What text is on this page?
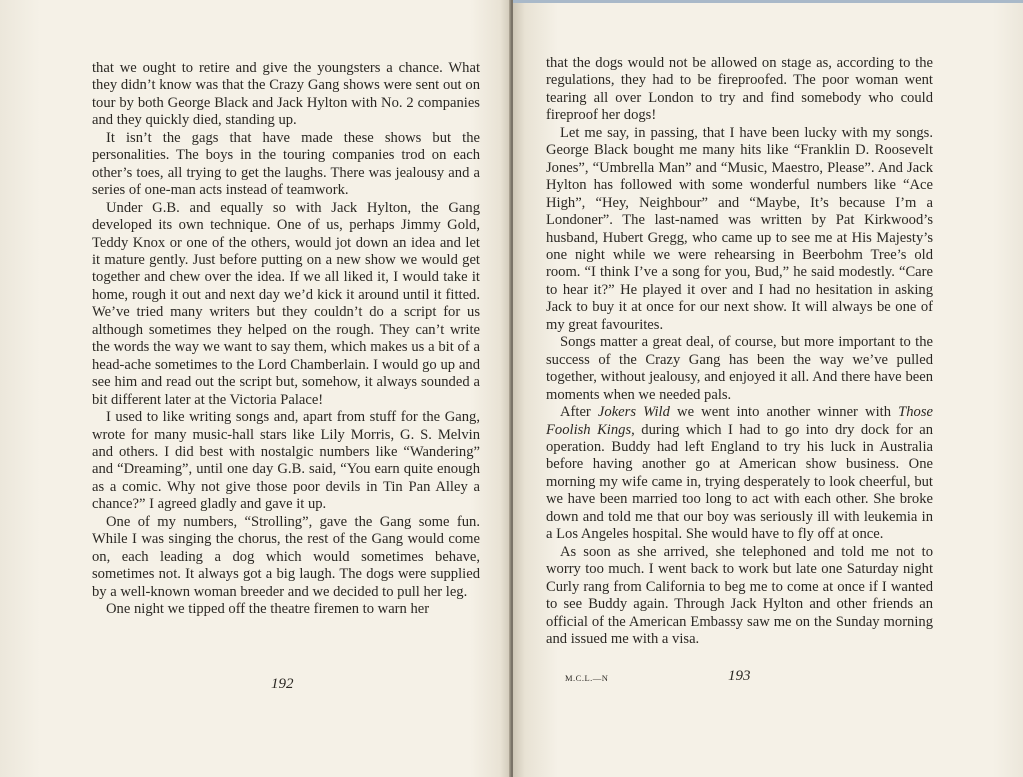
that we ought to retire and give the youngsters a chance. What they didn’t know was that the Crazy Gang shows were sent out on tour by both George Black and Jack Hylton with No. 2 companies and they quickly died, standing up.

It isn’t the gags that have made these shows but the personalities. The boys in the touring companies trod on each other’s toes, all trying to get the laughs. There was jealousy and a series of one-man acts instead of teamwork.

Under G.B. and equally so with Jack Hylton, the Gang developed its own technique. One of us, perhaps Jimmy Gold, Teddy Knox or one of the others, would jot down an idea and let it mature gently. Just before putting on a new show we would get together and chew over the idea. If we all liked it, I would take it home, rough it out and next day we’d kick it around until it fitted. We’ve tried many writers but they couldn’t do a script for us although sometimes they helped on the rough. They can’t write the words the way we want to say them, which makes us a bit of a head-ache sometimes to the Lord Chamberlain. I would go up and see him and read out the script but, somehow, it always sounded a bit different later at the Victoria Palace!

I used to like writing songs and, apart from stuff for the Gang, wrote for many music-hall stars like Lily Morris, G. S. Melvin and others. I did best with nostalgic numbers like “Wandering” and “Dreaming”, until one day G.B. said, “You earn quite enough as a comic. Why not give those poor devils in Tin Pan Alley a chance?” I agreed gladly and gave it up.

One of my numbers, “Strolling”, gave the Gang some fun. While I was singing the chorus, the rest of the Gang would come on, each leading a dog which would sometimes behave, sometimes not. It always got a big laugh. The dogs were supplied by a well-known woman breeder and we decided to pull her leg.

One night we tipped off the theatre firemen to warn her

192

that the dogs would not be allowed on stage as, according to the regulations, they had to be fireproofed. The poor woman went tearing all over London to try and find somebody who could fireproof her dogs!

Let me say, in passing, that I have been lucky with my songs. George Black bought me many hits like “Franklin D. Roosevelt Jones”, “Umbrella Man” and “Music, Maestro, Please”. And Jack Hylton has followed with some wonderful numbers like “Ace High”, “Hey, Neighbour” and “Maybe, It’s because I’m a Londoner”. The last-named was written by Pat Kirkwood’s husband, Hubert Gregg, who came up to see me at His Majesty’s one night while we were rehearsing in Beerbohm Tree’s old room. “I think I’ve a song for you, Bud,” he said modestly. “Care to hear it?” He played it over and I had no hesitation in asking Jack to buy it at once for our next show. It will always be one of my great favourites.

Songs matter a great deal, of course, but more important to the success of the Crazy Gang has been the way we’ve pulled together, without jealousy, and enjoyed it all. And there have been moments when we needed pals.

After Jokers Wild we went into another winner with Those Foolish Kings, during which I had to go into dry dock for an operation. Buddy had left England to try his luck in Australia before having another go at American show business. One morning my wife came in, trying desperately to look cheerful, but we have been married too long to act with each other. She broke down and told me that our boy was seriously ill with leukemia in a Los Angeles hospital. She would have to fly off at once.

As soon as she arrived, she telephoned and told me not to worry too much. I went back to work but late one Saturday night Curly rang from California to beg me to come at once if I wanted to see Buddy again. Through Jack Hylton and other friends an official of the American Embassy saw me on the Sunday morning and issued me with a visa.

M.C.L.—N	193
